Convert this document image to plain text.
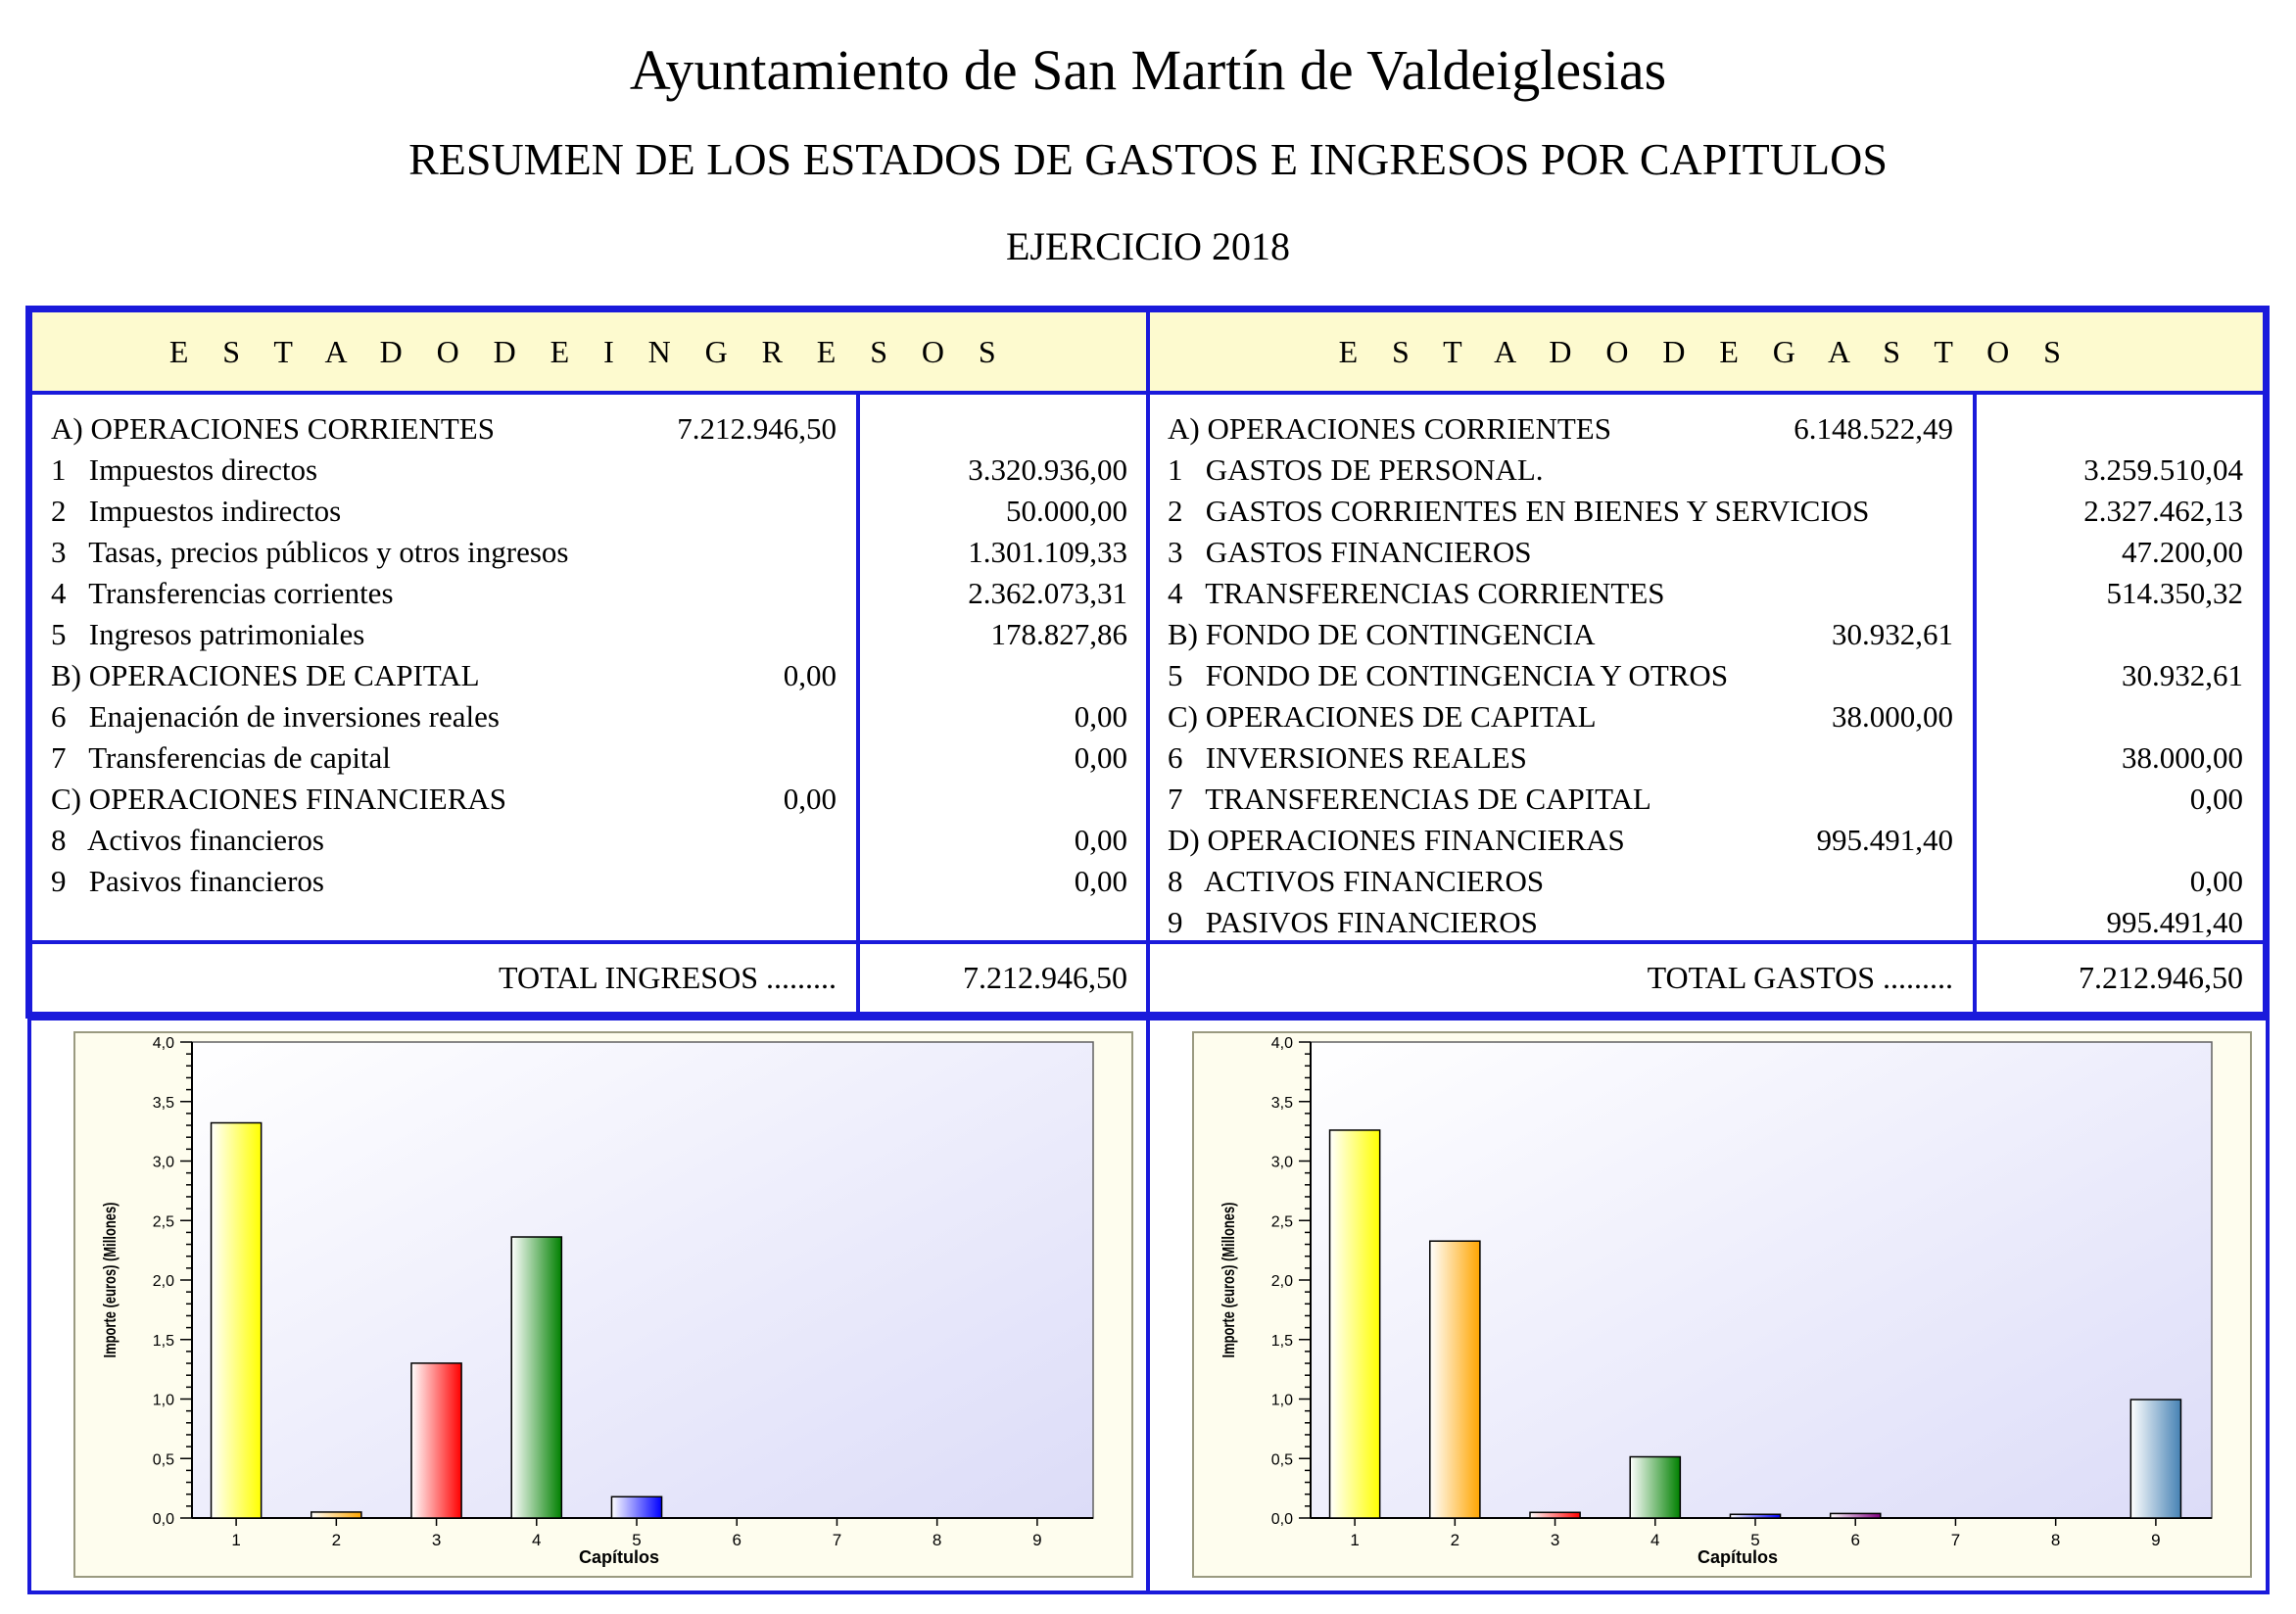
Ayuntamiento de San Martín de Valdeiglesias
RESUMEN DE LOS ESTADOS DE GASTOS E INGRESOS POR CAPITULOS
EJERCICIO 2018
E S T A D O D E I N G R E S O S	E S T A D O D E G A S T O S
A) OPERACIONES CORRIENTES	7.212.946,50
1   Impuestos directos	3.320.936,00
2   Impuestos indirectos	50.000,00
3   Tasas, precios públicos y otros ingresos	1.301.109,33
4   Transferencias corrientes	2.362.073,31
5   Ingresos patrimoniales	178.827,86
B) OPERACIONES DE CAPITAL	0,00
6   Enajenación de inversiones reales	0,00
7   Transferencias de capital	0,00
C) OPERACIONES FINANCIERAS	0,00
8   Activos financieros	0,00
9   Pasivos financieros	0,00
A) OPERACIONES CORRIENTES	6.148.522,49
1   GASTOS DE PERSONAL.	3.259.510,04
2   GASTOS CORRIENTES EN BIENES Y SERVICIOS	2.327.462,13
3   GASTOS FINANCIEROS	47.200,00
4   TRANSFERENCIAS CORRIENTES	514.350,32
B) FONDO DE CONTINGENCIA	30.932,61
5   FONDO DE CONTINGENCIA Y OTROS	30.932,61
C) OPERACIONES DE CAPITAL	38.000,00
6   INVERSIONES REALES	38.000,00
7   TRANSFERENCIAS DE CAPITAL	0,00
D) OPERACIONES FINANCIERAS	995.491,40
8   ACTIVOS FINANCIEROS	0,00
9   PASIVOS FINANCIEROS	995.491,40
TOTAL INGRESOS .........	7.212.946,50	TOTAL GASTOS .........	7.212.946,50
0,0
0,5
1,0
1,5
2,0
2,5
3,0
3,5
4,0
Importe (euros) (Millones)
1	2	3	4	5	6	7	8	9
Capítulos
0,0
0,5
1,0
1,5
2,0
2,5
3,0
3,5
4,0
Importe (euros) (Millones)
1	2	3	4	5	6	7	8	9
Capítulos
